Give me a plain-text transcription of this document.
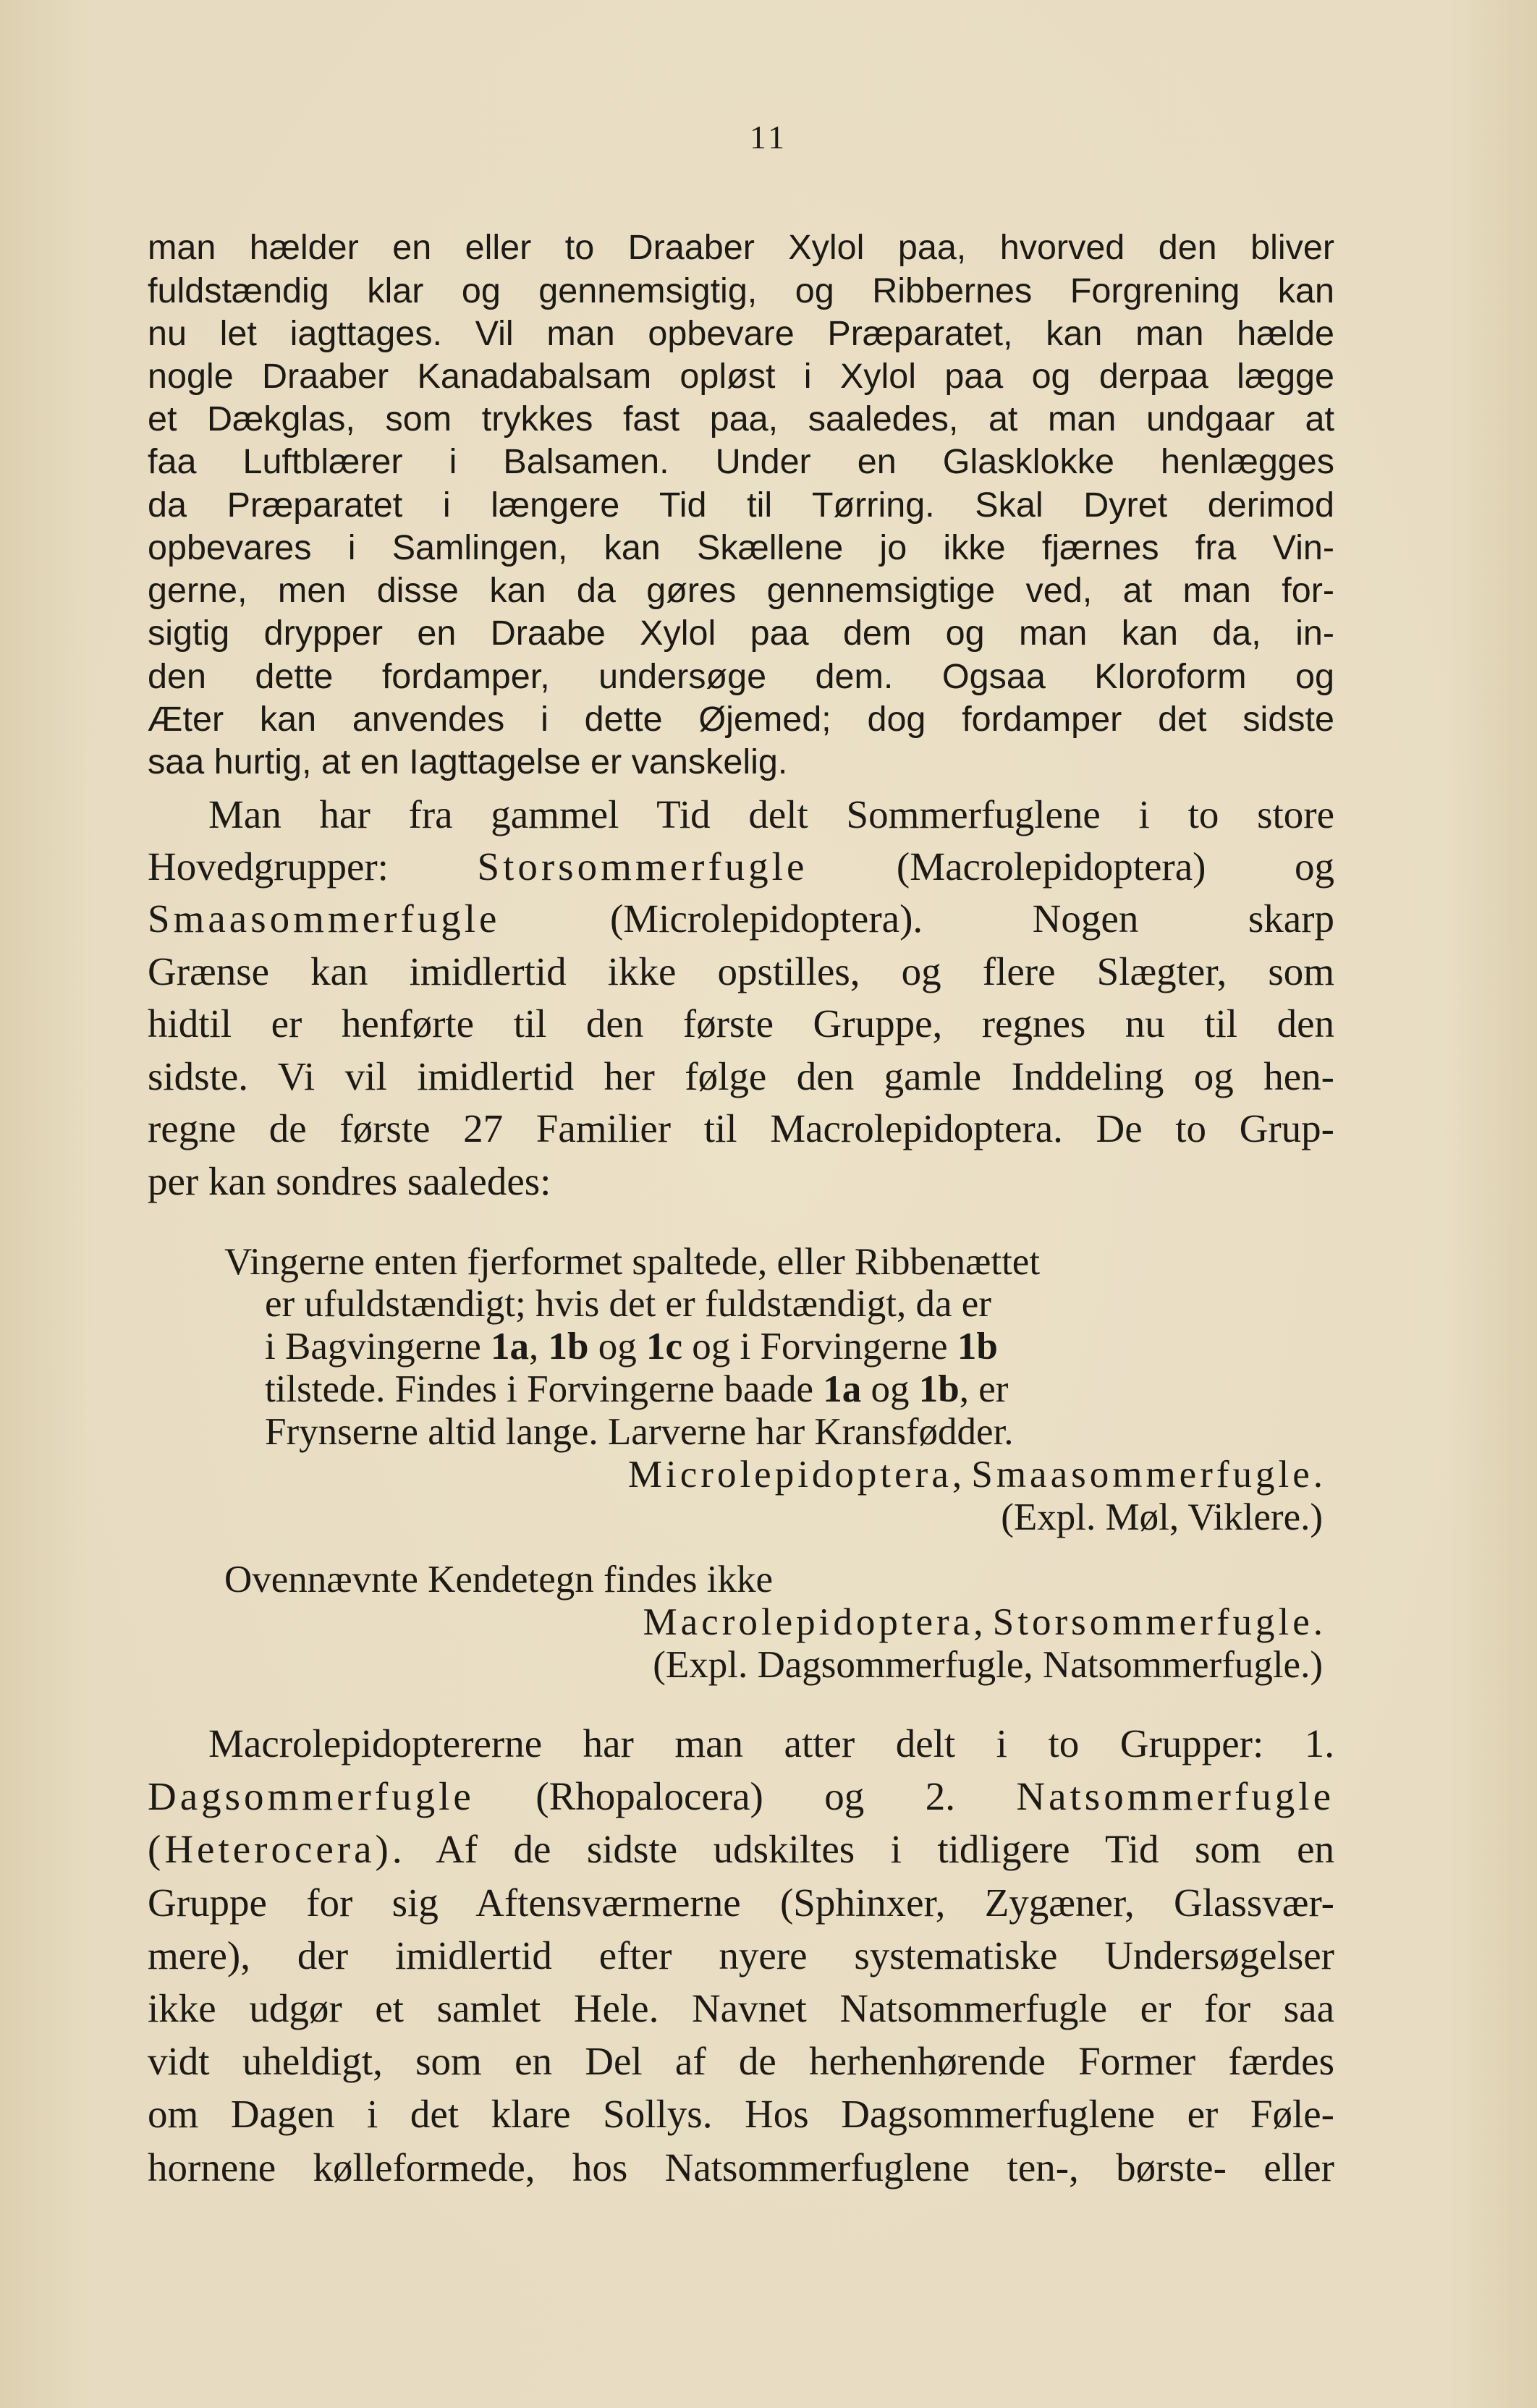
11

man hælder en eller to Draaber Xylol paa, hvorved den bliver

fuldstændig klar og gennemsigtig, og Ribbernes Forgrening kan

nu let iagttages. Vil man opbevare Præparatet, kan man hælde

nogle Draaber Kanadabalsam opløst i Xylol paa og derpaa lægge

et Dækglas, som trykkes fast paa, saaledes, at man undgaar at

faa Luftblærer i Balsamen. Under en Glasklokke henlægges

da Præparatet i længere Tid til Tørring. Skal Dyret derimod

opbevares i Samlingen, kan Skællene jo ikke fjærnes fra Vin-

gerne, men disse kan da gøres gennemsigtige ved, at man for-

sigtig drypper en Draabe Xylol paa dem og man kan da, in-

den dette fordamper, undersøge dem. Ogsaa Kloroform og

Æter kan anvendes i dette Øjemed; dog fordamper det sidste

saa hurtig, at en Iagttagelse er vanskelig.

Man har fra gammel Tid delt Sommerfuglene i to store

Hovedgrupper: Storsommerfugle (Macrolepidoptera) og

Smaasommerfugle (Microlepidoptera). Nogen skarp

Grænse kan imidlertid ikke opstilles, og flere Slægter, som

hidtil er henførte til den første Gruppe, regnes nu til den

sidste. Vi vil imidlertid her følge den gamle Inddeling og hen-

regne de første 27 Familier til Macrolepidoptera. De to Grup-

per kan sondres saaledes:

Vingerne enten fjerformet spaltede, eller Ribbenættet

er ufuldstændigt; hvis det er fuldstændigt, da er

i Bagvingerne 1a, 1b og 1c og i Forvingerne 1b

tilstede. Findes i Forvingerne baade 1a og 1b, er

Frynserne altid lange. Larverne har Kransfødder.

Microlepidoptera, Smaasommerfugle.

(Expl. Møl, Viklere.)

Ovennævnte Kendetegn findes ikke

Macrolepidoptera, Storsommerfugle.

(Expl. Dagsommerfugle, Natsommerfugle.)

Macrolepidoptererne har man atter delt i to Grupper: 1.

Dagsommerfugle (Rhopalocera) og 2. Natsommerfugle

(Heterocera). Af de sidste udskiltes i tidligere Tid som en

Gruppe for sig Aftensværmerne (Sphinxer, Zygæner, Glassvær-

mere), der imidlertid efter nyere systematiske Undersøgelser

ikke udgør et samlet Hele. Navnet Natsommerfugle er for saa

vidt uheldigt, som en Del af de herhenhørende Former færdes

om Dagen i det klare Sollys. Hos Dagsommerfuglene er Føle-

hornene kølleformede, hos Natsommerfuglene ten-, børste- eller
